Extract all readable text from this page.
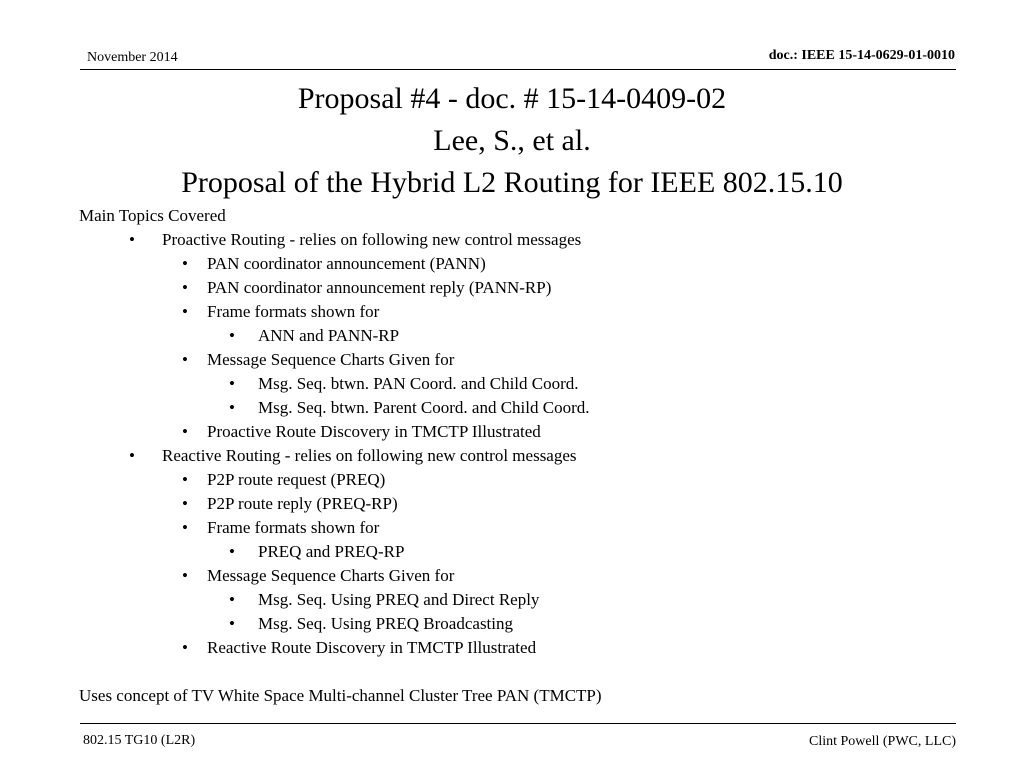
November 2014	doc.: IEEE 15-14-0629-01-0010
Proposal #4 - doc. # 15-14-0409-02
Lee, S., et al.
Proposal of the Hybrid L2 Routing for IEEE 802.15.10
Main Topics Covered
• Proactive Routing - relies on following new control messages
• PAN coordinator announcement (PANN)
• PAN coordinator announcement reply (PANN-RP)
• Frame formats shown for
• ANN and PANN-RP
• Message Sequence Charts Given for
• Msg. Seq. btwn. PAN Coord. and Child Coord.
• Msg. Seq. btwn. Parent Coord. and Child Coord.
• Proactive Route Discovery in TMCTP Illustrated
• Reactive Routing - relies on following new control messages
• P2P route request (PREQ)
• P2P route reply (PREQ-RP)
• Frame formats shown for
• PREQ and PREQ-RP
• Message Sequence Charts Given for
• Msg. Seq. Using PREQ and Direct Reply
• Msg. Seq. Using PREQ Broadcasting
• Reactive Route Discovery in TMCTP Illustrated
Uses concept of TV White Space Multi-channel Cluster Tree PAN (TMCTP)
802.15 TG10 (L2R)	Clint Powell (PWC, LLC)
